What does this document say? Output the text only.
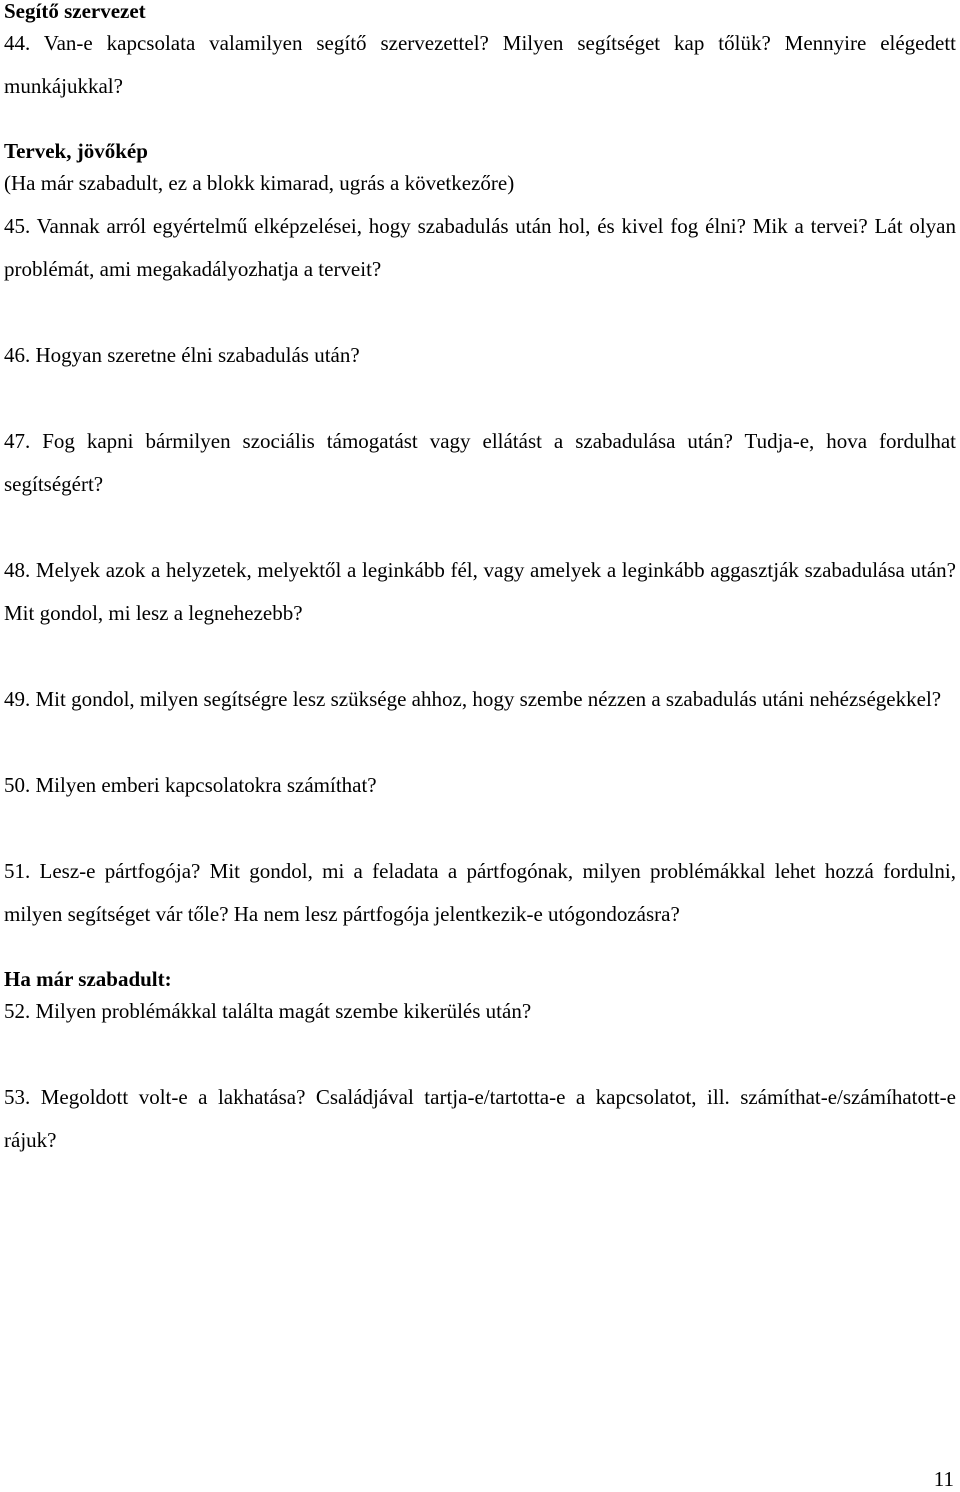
Segítő szervezet

44. Van-e kapcsolata valamilyen segítő szervezettel? Milyen segítséget kap tőlük? Mennyire elégedett munkájukkal?

Tervek, jövőkép

(Ha már szabadult, ez a blokk kimarad, ugrás a következőre)

45. Vannak arról egyértelmű elképzelései, hogy szabadulás után hol, és kivel fog élni? Mik a tervei? Lát olyan problémát, ami megakadályozhatja a terveit?

46. Hogyan szeretne élni szabadulás után?

47. Fog kapni bármilyen szociális támogatást vagy ellátást a szabadulása után? Tudja-e, hova fordulhat segítségért?

48. Melyek azok a helyzetek, melyektől a leginkább fél, vagy amelyek a leginkább aggasztják szabadulása után? Mit gondol, mi lesz a legnehezebb?

49. Mit gondol, milyen segítségre lesz szüksége ahhoz, hogy szembe nézzen a szabadulás utáni nehézségekkel?

50. Milyen emberi kapcsolatokra számíthat?

51. Lesz-e pártfogója? Mit gondol, mi a feladata a pártfogónak, milyen problémákkal lehet hozzá fordulni, milyen segítséget vár tőle? Ha nem lesz pártfogója jelentkezik-e utógondozásra?

Ha már szabadult:

52. Milyen problémákkal találta magát szembe kikerülés után?

53. Megoldott volt-e a lakhatása? Családjával tartja-e/tartotta-e a kapcsolatot, ill. számíthat-e/számíhatott-e rájuk?

11
